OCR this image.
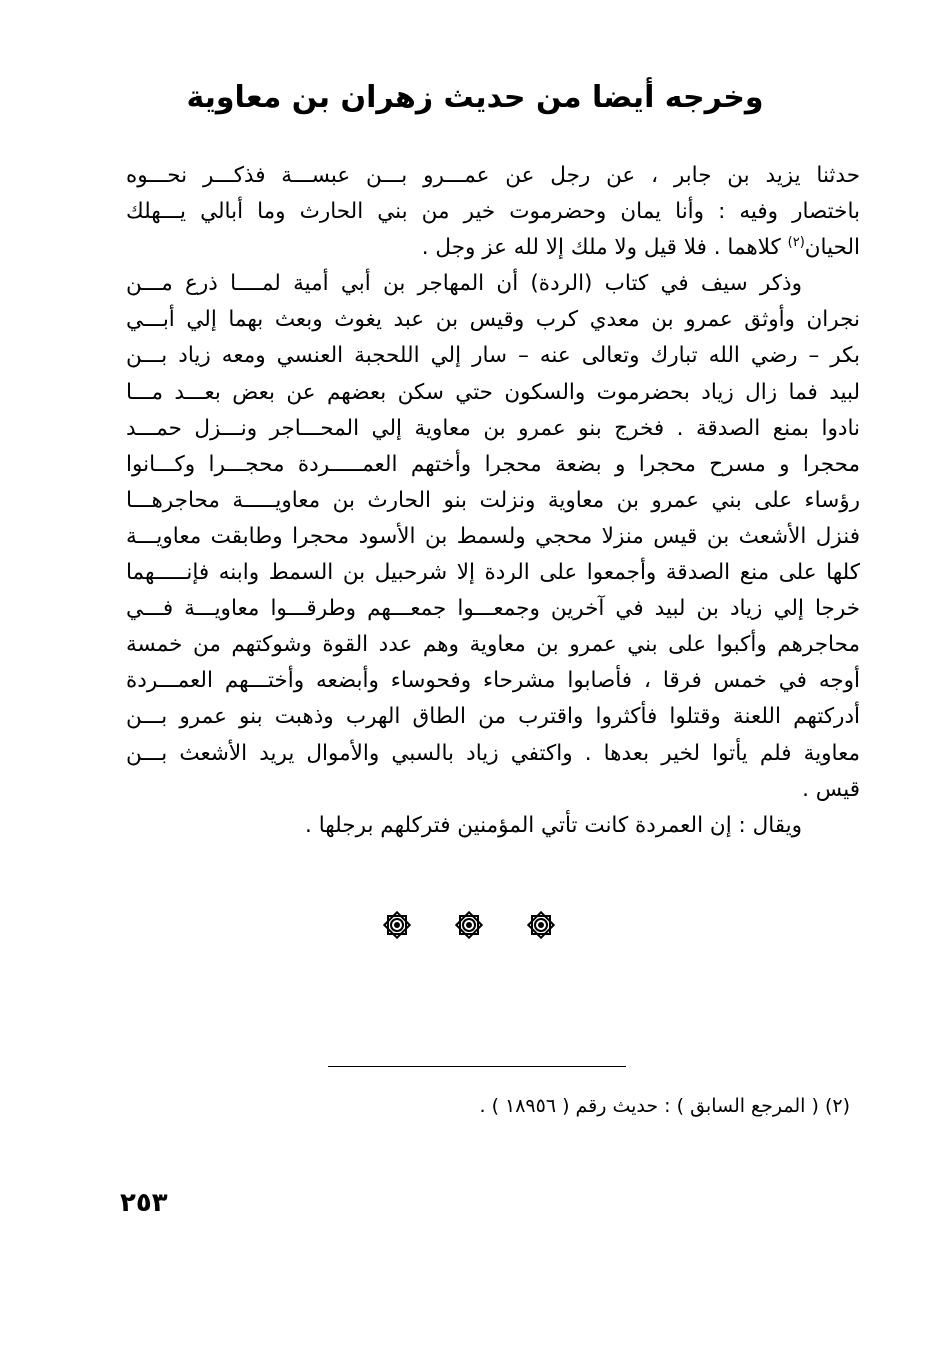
وخرجه أيضا من حديث زهران بن معاوية
حدثنا يزيد بن جابر ، عن رجل عن عمـــرو بـــن عبســـة فذكـــر نحـــوه
باختصار وفيه : وأنا يمان وحضرموت خير من بني الحارث وما أبالي يـــهلك
الحيان$^{(٢)}$ كلاهما . فلا قيل ولا ملك إلا لله عز وجل .
وذكر سيف في كتاب (الردة) أن المهاجر بن أبي أمية لمــــا ذرع مـــن
نجران وأوثق عمرو بن معدي كرب وقيس بن عبد يغوث وبعث بهما إلي أبـــي
بكر – رضي الله تبارك وتعالى عنه – سار إلي اللحجبة العنسي ومعه زياد بـــن
لبيد فما زال زياد بحضرموت والسكون حتي سكن بعضهم عن بعض بعـــد مـــا
نادوا بمنع الصدقة . فخرج بنو عمرو بن معاوية إلي المحـــاجر ونـــزل حمـــد
محجرا و مسرح محجرا و بضعة محجرا وأختهم العمـــــردة محجـــرا وكـــانوا
رؤساء على بني عمرو بن معاوية ونزلت بنو الحارث بن معاويـــــة محاجرهـــا
فنزل الأشعث بن قيس منزلا محجي ولسمط بن الأسود محجرا وطابقت معاويـــة
كلها على منع الصدقة وأجمعوا على الردة إلا شرحبيل بن السمط وابنه فإنـــــهما
خرجا إلي زياد بن لبيد في آخرين وجمعـــوا جمعـــهم وطرقـــوا معاويـــة فـــي
محاجرهم وأكبوا على بني عمرو بن معاوية وهم عدد القوة وشوكتهم من خمسة
أوجه في خمس فرقا ، فأصابوا مشرحاء وفحوساء وأبضعه وأختـــهم العمـــردة
أدركتهم اللعنة وقتلوا فأكثروا واقترب من الطاق الهرب وذهبت بنو عمرو بـــن
معاوية فلم يأتوا لخير بعدها . واكتفي زياد بالسبي والأموال يريد الأشعث بـــن
قيس .
ويقال : إن العمردة كانت تأتي المؤمنين فتركلهم برجلها .
(٢) ( المرجع السابق ) : حديث رقم ( ١٨٩٥٦ ) .
٢٥٣
